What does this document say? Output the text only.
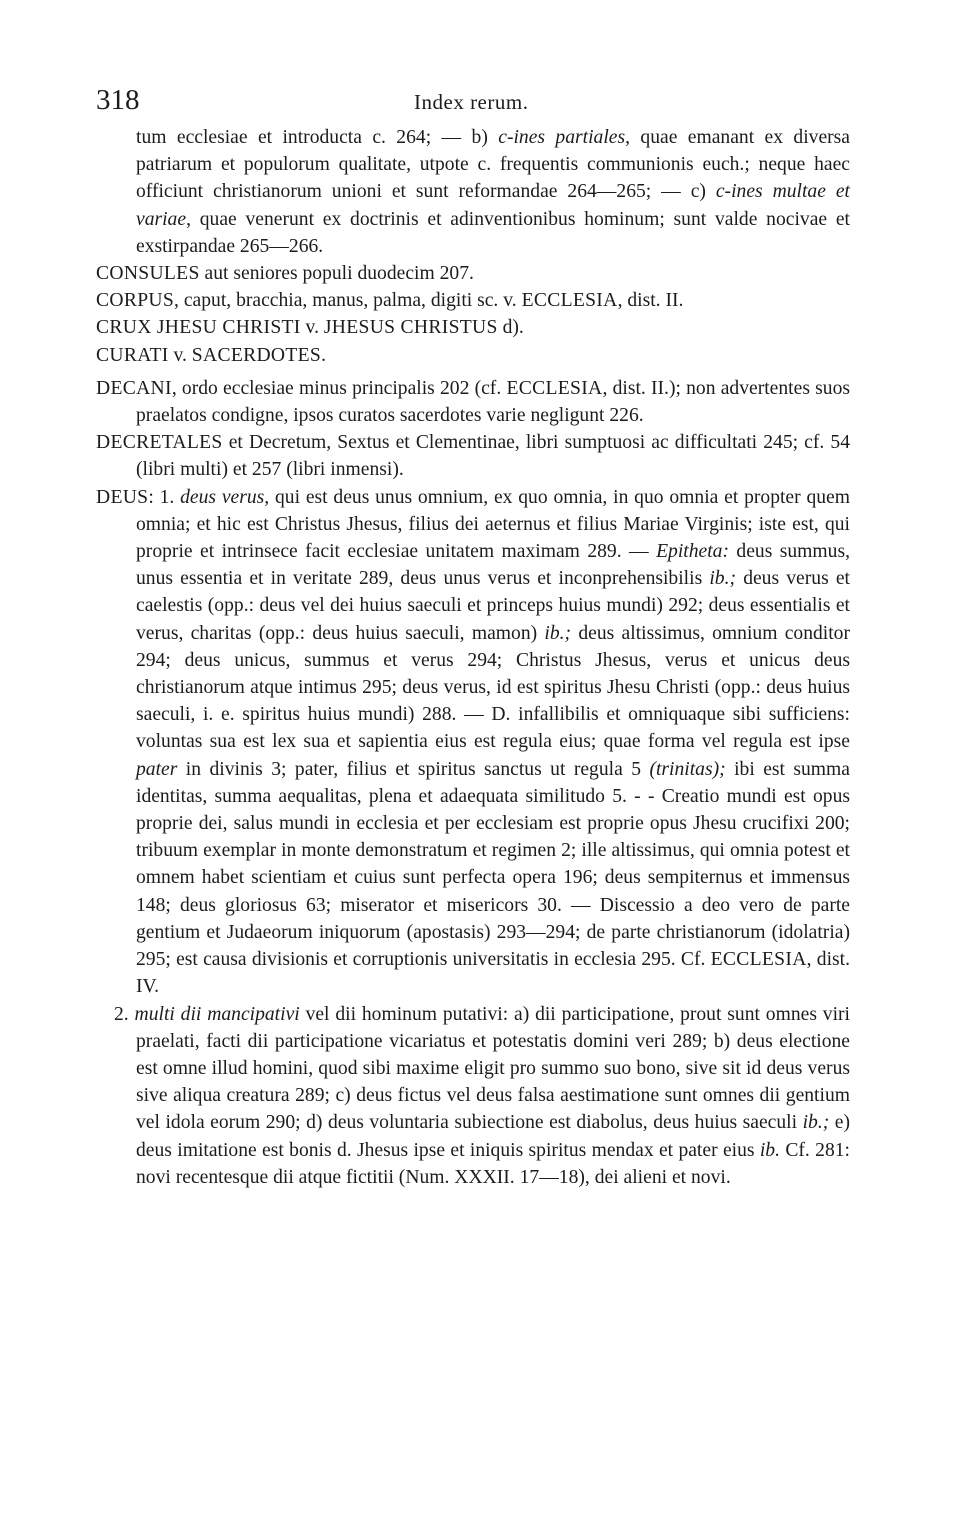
318	Index rerum.

tum ecclesiae et introducta c. 264; — b) c-ines partiales, quae emanant ex diversa patriarum et populorum qualitate, utpote c. frequentis communionis euch.; neque haec officiunt christianorum unioni et sunt reformandae 264—265; — c) c-ines multae et variae, quae venerunt ex doctrinis et adinventionibus hominum; sunt valde nocivae et exstirpandae 265—266.

CONSULES aut seniores populi duodecim 207.

CORPUS, caput, bracchia, manus, palma, digiti sc. v. ECCLESIA, dist. II.

CRUX JHESU CHRISTI v. JHESUS CHRISTUS d).

CURATI v. SACERDOTES.

DECANI, ordo ecclesiae minus principalis 202 (cf. ECCLESIA, dist. II.); non advertentes suos praelatos condigne, ipsos curatos sacerdotes varie negligunt 226.

DECRETALES et Decretum, Sextus et Clementinae, libri sumptuosi ac difficultati 245; cf. 54 (libri multi) et 257 (libri inmensi).

DEUS: 1. deus verus, qui est deus unus omnium, ex quo omnia, in quo omnia et propter quem omnia; et hic est Christus Jhesus, filius dei aeternus et filius Mariae Virginis; iste est, qui proprie et intrinsece facit ecclesiae unitatem maximam 289. — Epitheta: deus summus, unus essentia et in veritate 289, deus unus verus et inconprehensibilis ib.; deus verus et caelestis (opp.: deus vel dei huius saeculi et princeps huius mundi) 292; deus essentialis et verus, charitas (opp.: deus huius saeculi, mamon) ib.; deus altissimus, omnium conditor 294; deus unicus, summus et verus 294; Christus Jhesus, verus et unicus deus christianorum atque intimus 295; deus verus, id est spiritus Jhesu Christi (opp.: deus huius saeculi, i. e. spiritus huius mundi) 288. — D. infallibilis et omniquaque sibi sufficiens: voluntas sua est lex sua et sapientia eius est regula eius; quae forma vel regula est ipse pater in divinis 3; pater, filius et spiritus sanctus ut regula 5 (trinitas); ibi est summa identitas, summa aequalitas, plena et adaequata similitudo 5. - - Creatio mundi est opus proprie dei, salus mundi in ecclesia et per ecclesiam est proprie opus Jhesu crucifixi 200; tribuum exemplar in monte demonstratum et regimen 2; ille altissimus, qui omnia potest et omnem habet scientiam et cuius sunt perfecta opera 196; deus sempiternus et immensus 148; deus gloriosus 63; miserator et misericors 30. — Discessio a deo vero de parte gentium et Judaeorum iniquorum (apostasis) 293—294; de parte christianorum (idolatria) 295; est causa divisionis et corruptionis universitatis in ecclesia 295. Cf. ECCLESIA, dist. IV.

2. multi dii mancipativi vel dii hominum putativi: a) dii participatione, prout sunt omnes viri praelati, facti dii participatione vicariatus et potestatis domini veri 289; b) deus electione est omne illud homini, quod sibi maxime eligit pro summo suo bono, sive sit id deus verus sive aliqua creatura 289; c) deus fictus vel deus falsa aestimatione sunt omnes dii gentium vel idola eorum 290; d) deus voluntaria subiectione est diabolus, deus huius saeculi ib.; e) deus imitatione est bonis d. Jhesus ipse et iniquis spiritus mendax et pater eius ib. Cf. 281: novi recentesque dii atque fictitii (Num. XXXII. 17—18), dei alieni et novi.
